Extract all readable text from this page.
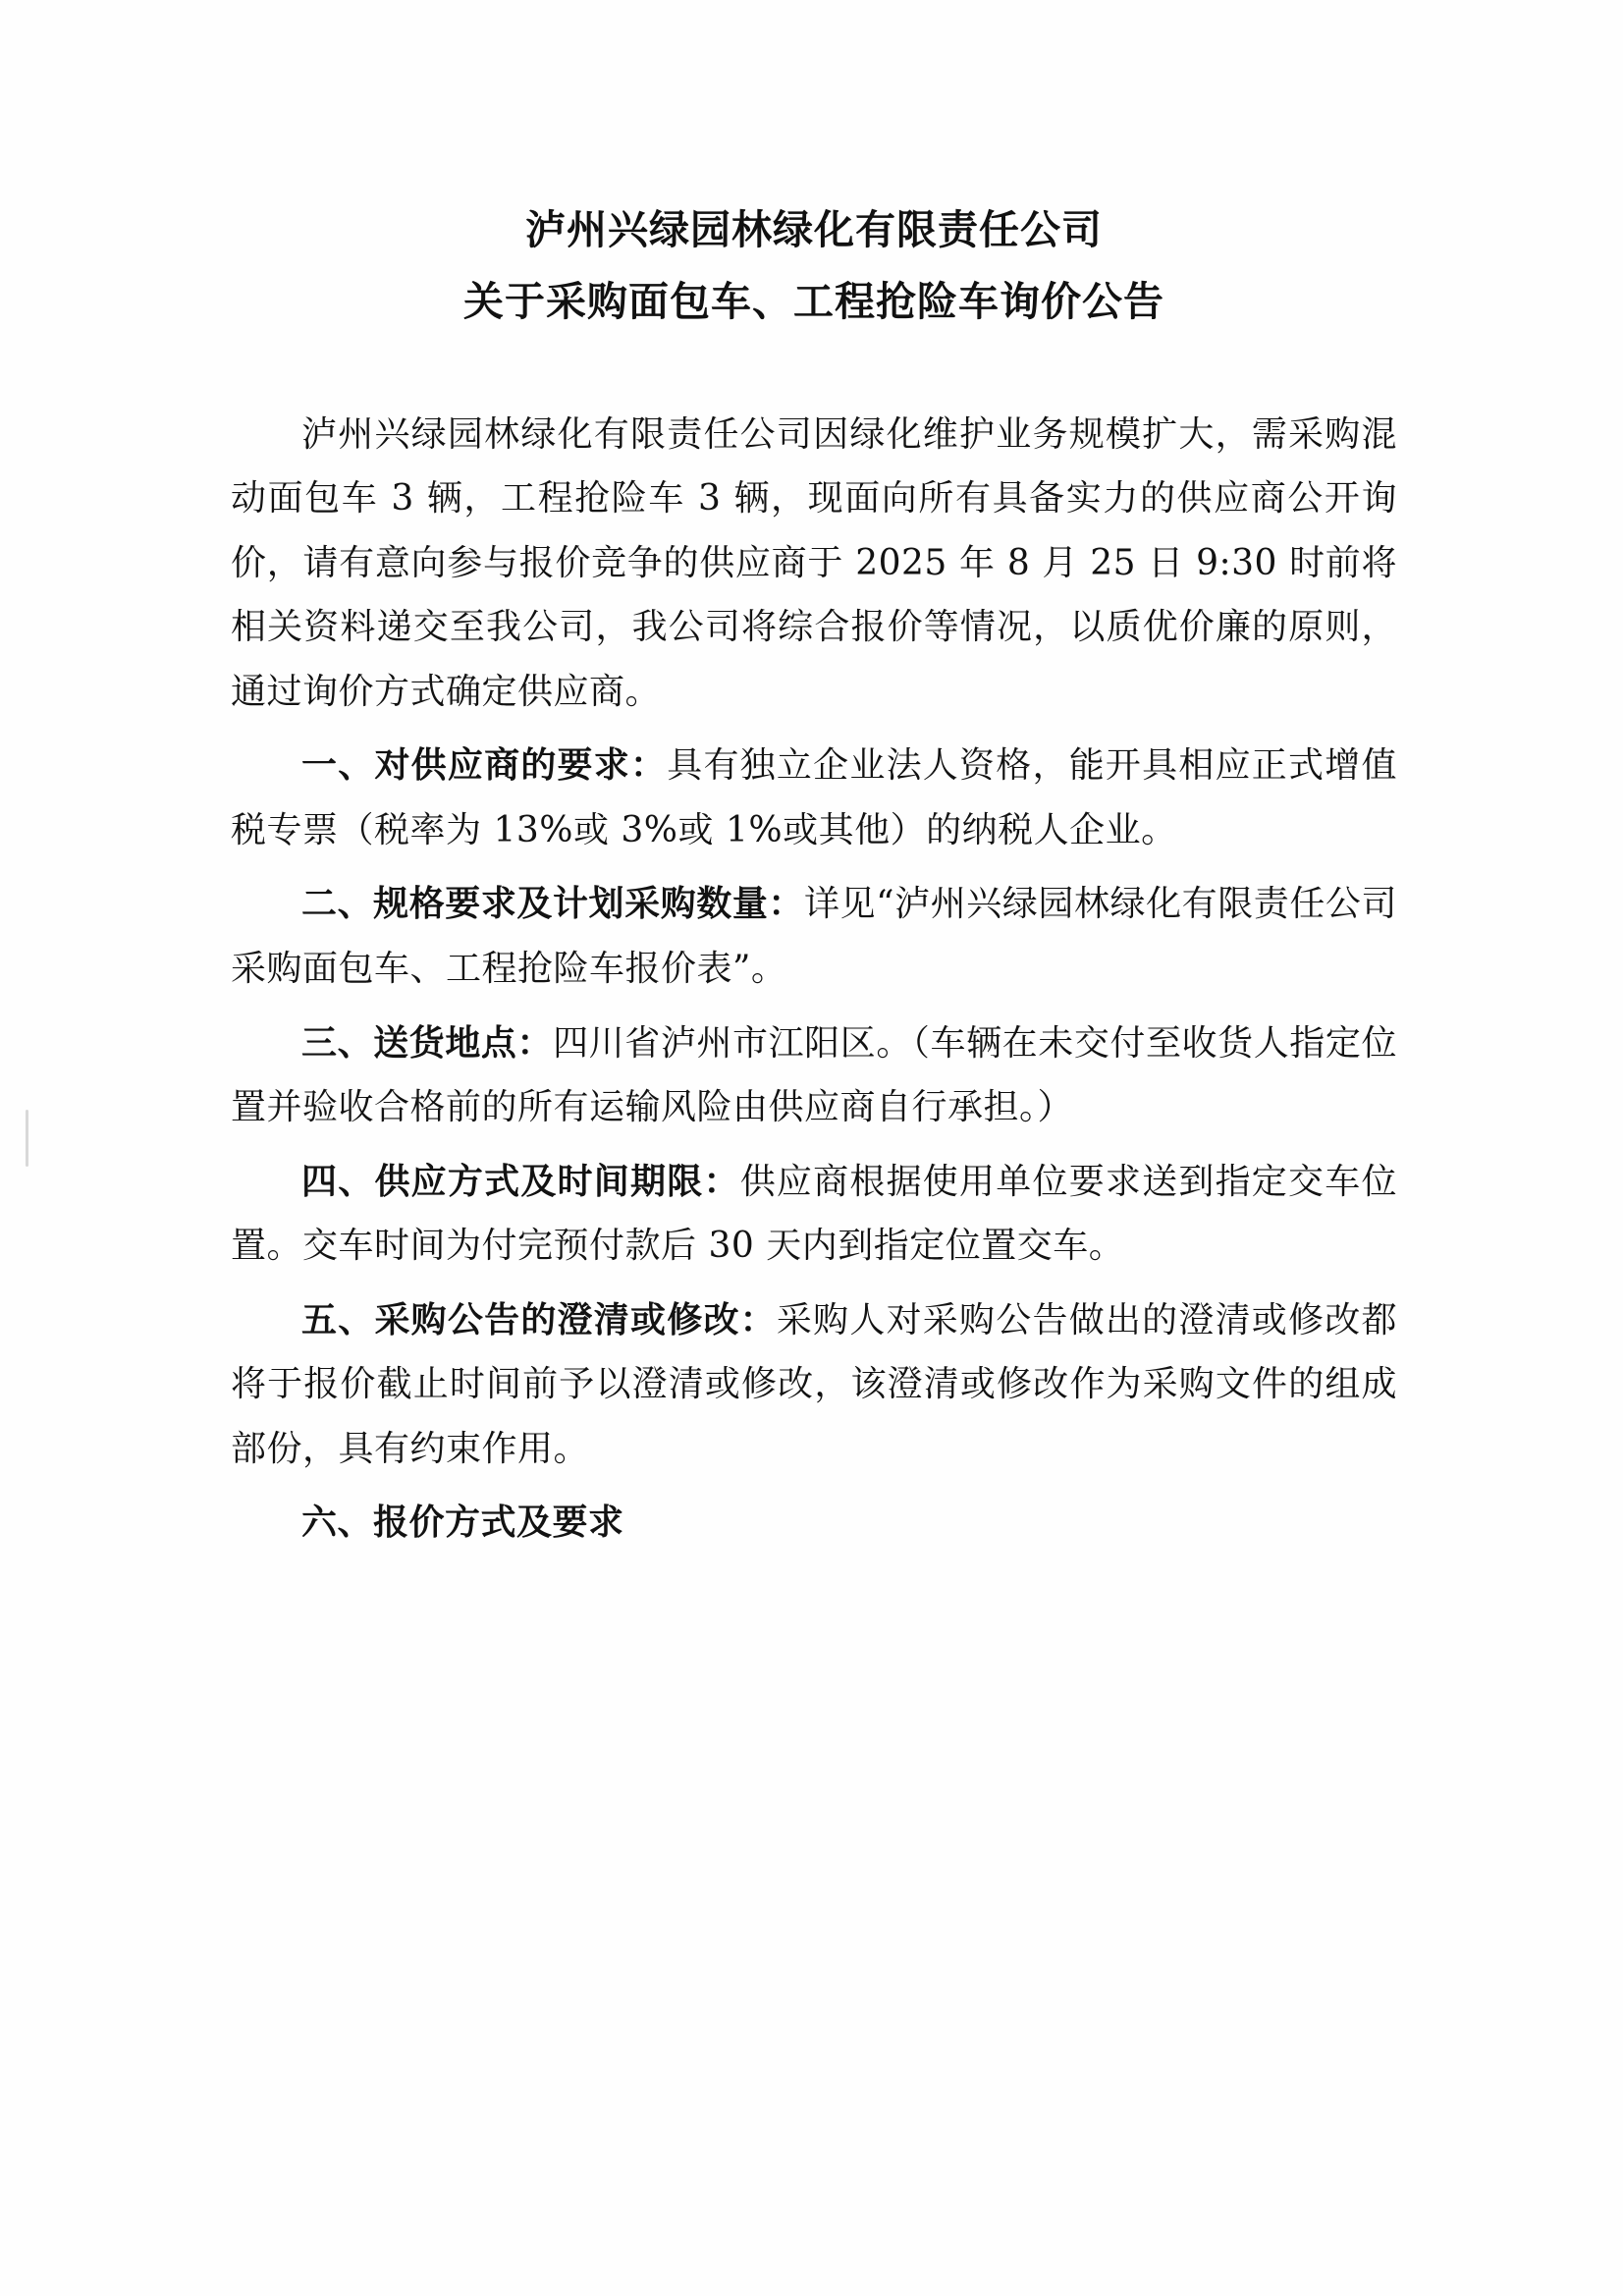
泸州兴绿园林绿化有限责任公司
关于采购面包车、工程抢险车询价公告

泸州兴绿园林绿化有限责任公司因绿化维护业务规模扩大，需采购混动面包车 3 辆，工程抢险车 3 辆，现面向所有具备实力的供应商公开询价，请有意向参与报价竞争的供应商于 2025 年 8 月 25 日 9:30 时前将相关资料递交至我公司，我公司将综合报价等情况，以质优价廉的原则，通过询价方式确定供应商。

一、对供应商的要求：具有独立企业法人资格，能开具相应正式增值税专票（税率为 13%或 3%或 1%或其他）的纳税人企业。

二、规格要求及计划采购数量：详见“泸州兴绿园林绿化有限责任公司采购面包车、工程抢险车报价表”。

三、送货地点：四川省泸州市江阳区。（车辆在未交付至收货人指定位置并验收合格前的所有运输风险由供应商自行承担。）

四、供应方式及时间期限：供应商根据使用单位要求送到指定交车位置。交车时间为付完预付款后 30 天内到指定位置交车。

五、采购公告的澄清或修改：采购人对采购公告做出的澄清或修改都将于报价截止时间前予以澄清或修改，该澄清或修改作为采购文件的组成部份，具有约束作用。

六、报价方式及要求
